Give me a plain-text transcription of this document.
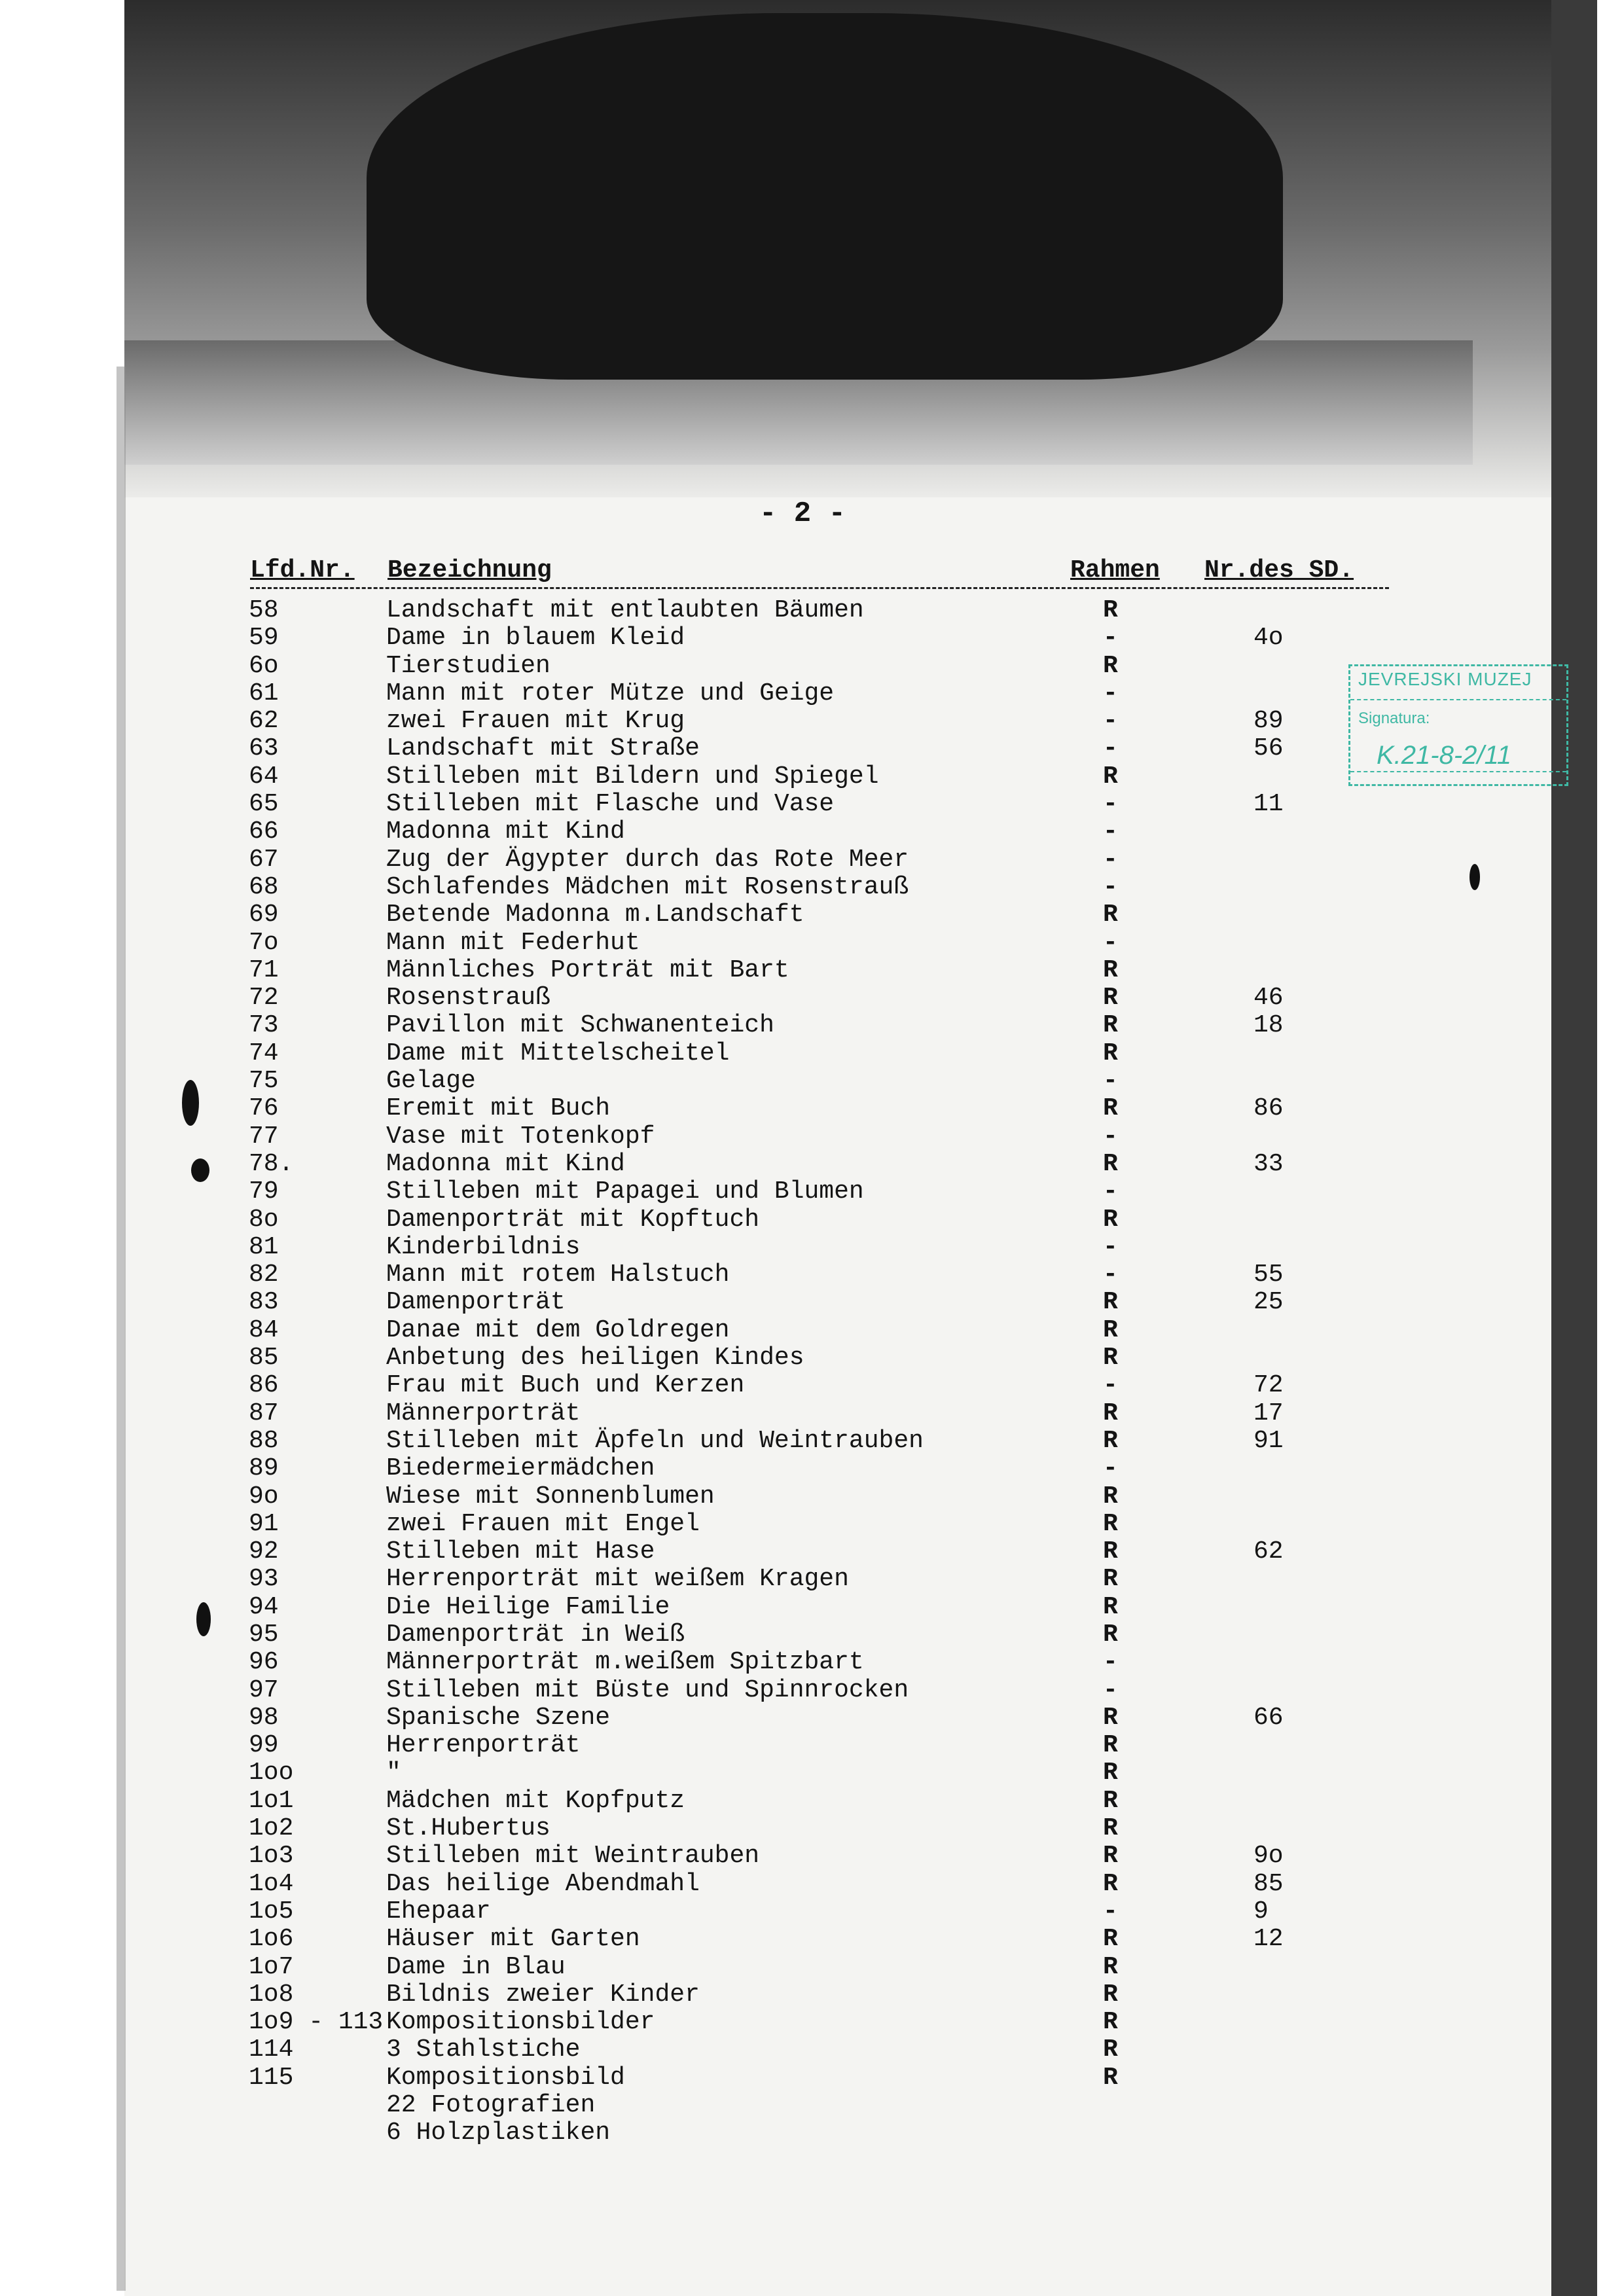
- 2 -
Lfd.Nr. Bezeichnung	Rahmen Nr.des SD.
58	Landschaft mit entlaubten Bäumen	R
59	Dame in blauem Kleid	-	4o
6o	Tierstudien	R
61	Mann mit roter Mütze und Geige	-
62	zwei Frauen mit Krug	-	89
63	Landschaft mit Straße	-	56
64	Stilleben mit Bildern und Spiegel	R
65	Stilleben mit Flasche und Vase	-	11
66	Madonna mit Kind	-
67	Zug der Ägypter durch das Rote Meer	-
68	Schlafendes Mädchen mit Rosenstrauß	-
69	Betende Madonna m.Landschaft	R
7o	Mann mit Federhut	-
71	Männliches Porträt mit Bart	R
72	Rosenstrauß	R	46
73	Pavillon mit Schwanenteich	R	18
74	Dame mit Mittelscheitel	R
75	Gelage	-
76	Eremit mit Buch	R	86
77	Vase mit Totenkopf	-
78.	Madonna mit Kind	R	33
79	Stilleben mit Papagei und Blumen	-
8o	Damenporträt mit Kopftuch	R
81	Kinderbildnis	-
82	Mann mit rotem Halstuch	-	55
83	Damenporträt	R	25
84	Danae mit dem Goldregen	R
85	Anbetung des heiligen Kindes	R
86	Frau mit Buch und Kerzen	-	72
87	Männerporträt	R	17
88	Stilleben mit Äpfeln und Weintrauben	R	91
89	Biedermeiermädchen	-
9o	Wiese mit Sonnenblumen	R
91	zwei Frauen mit Engel	R
92	Stilleben mit Hase	R	62
93	Herrenporträt mit weißem Kragen	R
94	Die Heilige Familie	R
95	Damenporträt in Weiß	R
96	Männerporträt m.weißem Spitzbart	-
97	Stilleben mit Büste und Spinnrocken	-
98	Spanische Szene	R	66
99	Herrenporträt	R
1oo	"	R
1o1	Mädchen mit Kopfputz	R
1o2	St.Hubertus	R
1o3	Stilleben mit Weintrauben	R	9o
1o4	Das heilige Abendmahl	R	85
1o5	Ehepaar	-	9
1o6	Häuser mit Garten	R	12
1o7	Dame in Blau	R
1o8	Bildnis zweier Kinder	R
1o9 - 113 Kompositionsbilder	R
114	3 Stahlstiche	R
115	Kompositionsbild	R
22 Fotografien
6 Holzplastiken
JEVREJSKI MUZEJ
Signatura:
K.21-8-2/11
